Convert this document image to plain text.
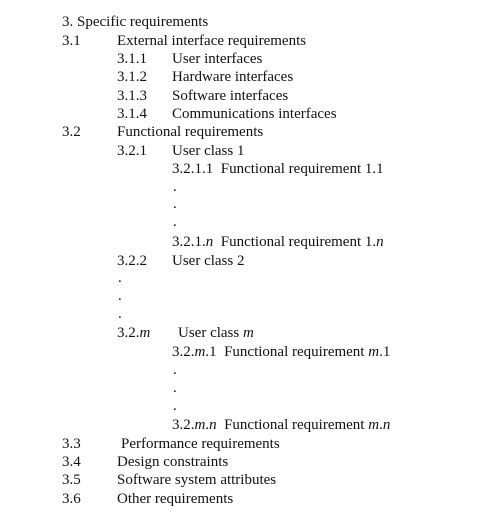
3. Specific requirements
3.1 External interface requirements
3.1.1 User interfaces
3.1.2 Hardware interfaces
3.1.3 Software interfaces
3.1.4 Communications interfaces
3.2 Functional requirements
3.2.1 User class 1
3.2.1.1 Functional requirement 1.1
.
.
.
3.2.1.n Functional requirement 1.n
3.2.2 User class 2
.
.
.
3.2.m User class m
3.2.m.1 Functional requirement m.1
.
.
.
3.2.m.n Functional requirement m.n
3.3	Performance requirements
3.4 Design constraints
3.5 Software system attributes
3.6 Other requirements
